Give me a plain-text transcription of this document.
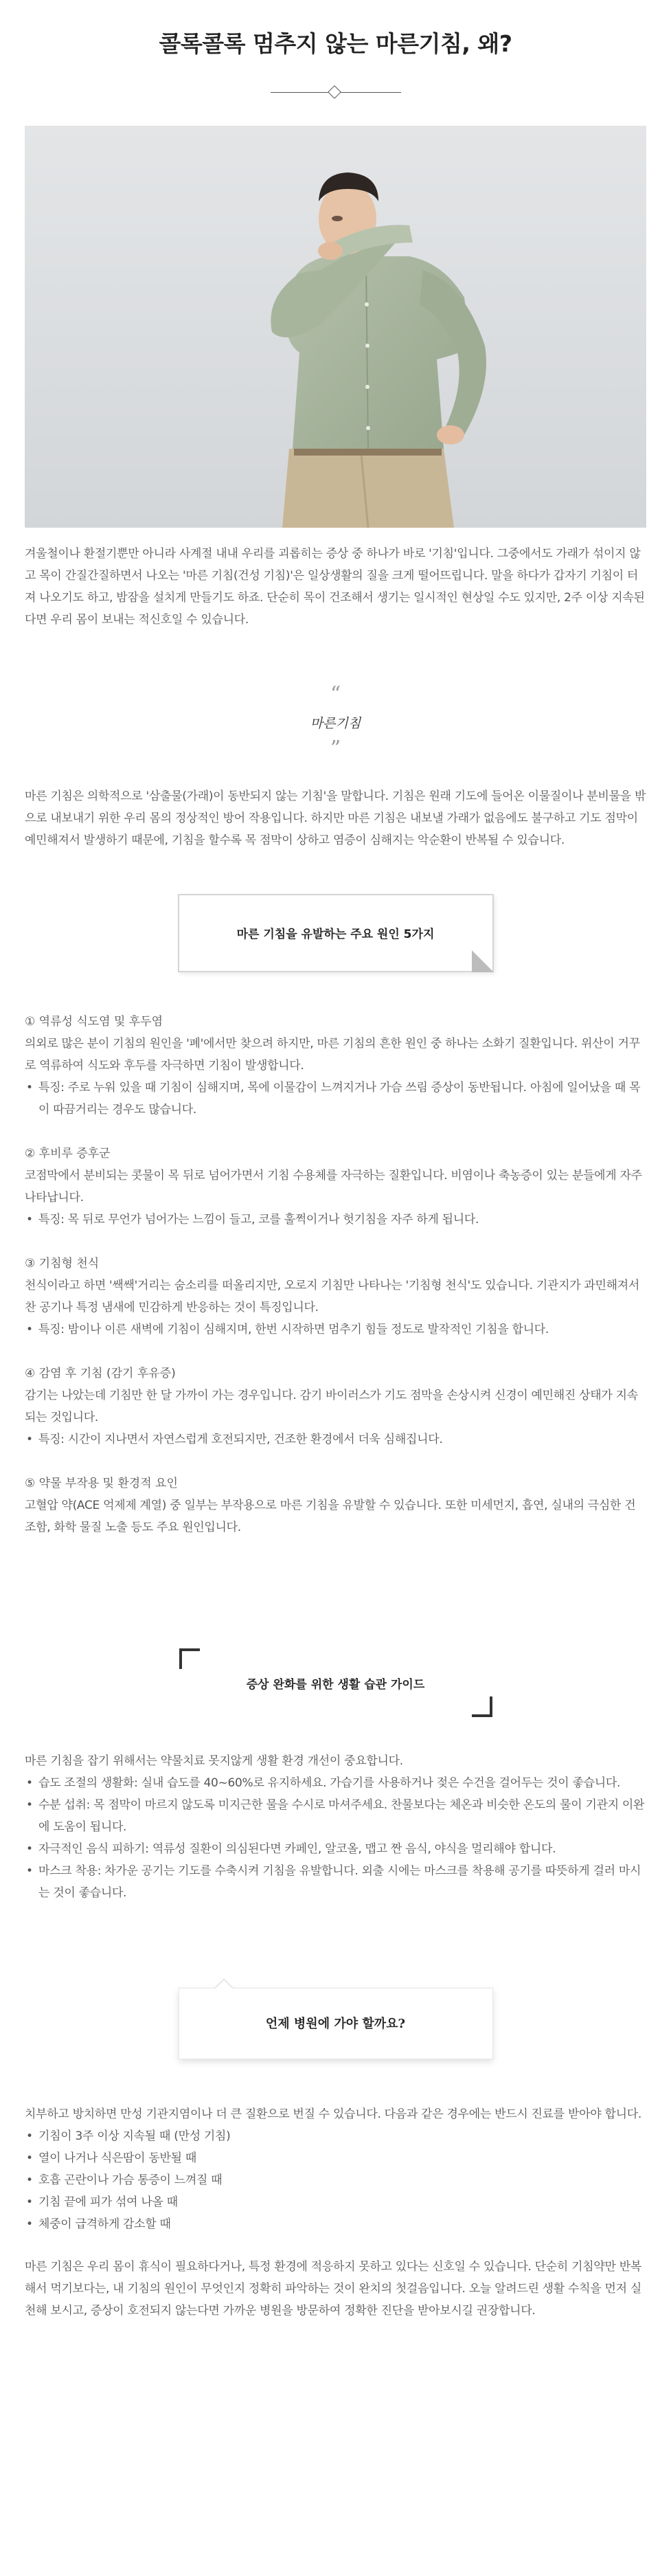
콜록콜록 멈추지 않는 마른기침, 왜?

겨울철이나 환절기뿐만 아니라 사계절 내내 우리를 괴롭히는 증상 중 하나가 바로 '기침'입니다. 그중에서도 가래가 섞이지 않고 목이 간질간질하면서 나오는 '마른 기침(건성 기침)'은 일상생활의 질을 크게 떨어뜨립니다. 말을 하다가 갑자기 기침이 터져 나오기도 하고, 밤잠을 설치게 만들기도 하죠. 단순히 목이 건조해서 생기는 일시적인 현상일 수도 있지만, 2주 이상 지속된다면 우리 몸이 보내는 적신호일 수 있습니다.

“
마른기침
”

마른 기침은 의학적으로 '삼출물(가래)이 동반되지 않는 기침'을 말합니다. 기침은 원래 기도에 들어온 이물질이나 분비물을 밖으로 내보내기 위한 우리 몸의 정상적인 방어 작용입니다. 하지만 마른 기침은 내보낼 가래가 없음에도 불구하고 기도 점막이 예민해져서 발생하기 때문에, 기침을 할수록 목 점막이 상하고 염증이 심해지는 악순환이 반복될 수 있습니다.

마른 기침을 유발하는 주요 원인 5가지

① 역류성 식도염 및 후두염

의외로 많은 분이 기침의 원인을 '폐'에서만 찾으려 하지만, 마른 기침의 흔한 원인 중 하나는 소화기 질환입니다. 위산이 거꾸로 역류하여 식도와 후두를 자극하면 기침이 발생합니다.

• 특징: 주로 누워 있을 때 기침이 심해지며, 목에 이물감이 느껴지거나 가슴 쓰림 증상이 동반됩니다. 아침에 일어났을 때 목이 따끔거리는 경우도 많습니다.

② 후비루 증후군

코점막에서 분비되는 콧물이 목 뒤로 넘어가면서 기침 수용체를 자극하는 질환입니다. 비염이나 축농증이 있는 분들에게 자주 나타납니다.

• 특징: 목 뒤로 무언가 넘어가는 느낌이 들고, 코를 훌쩍이거나 헛기침을 자주 하게 됩니다.

③ 기침형 천식

천식이라고 하면 '쌕쌕'거리는 숨소리를 떠올리지만, 오로지 기침만 나타나는 '기침형 천식'도 있습니다. 기관지가 과민해져서 찬 공기나 특정 냄새에 민감하게 반응하는 것이 특징입니다.

• 특징: 밤이나 이른 새벽에 기침이 심해지며, 한번 시작하면 멈추기 힘들 정도로 발작적인 기침을 합니다.

④ 감염 후 기침 (감기 후유증)

감기는 나았는데 기침만 한 달 가까이 가는 경우입니다. 감기 바이러스가 기도 점막을 손상시켜 신경이 예민해진 상태가 지속되는 것입니다.

• 특징: 시간이 지나면서 자연스럽게 호전되지만, 건조한 환경에서 더욱 심해집니다.

⑤ 약물 부작용 및 환경적 요인

고혈압 약(ACE 억제제 계열) 중 일부는 부작용으로 마른 기침을 유발할 수 있습니다. 또한 미세먼지, 흡연, 실내의 극심한 건조함, 화학 물질 노출 등도 주요 원인입니다.

증상 완화를 위한 생활 습관 가이드

마른 기침을 잡기 위해서는 약물치료 못지않게 생활 환경 개선이 중요합니다.

• 습도 조절의 생활화: 실내 습도를 40~60%로 유지하세요. 가습기를 사용하거나 젖은 수건을 걸어두는 것이 좋습니다.

• 수분 섭취: 목 점막이 마르지 않도록 미지근한 물을 수시로 마셔주세요. 찬물보다는 체온과 비슷한 온도의 물이 기관지 이완에 도움이 됩니다.

• 자극적인 음식 피하기: 역류성 질환이 의심된다면 카페인, 알코올, 맵고 짠 음식, 야식을 멀리해야 합니다.

• 마스크 착용: 차가운 공기는 기도를 수축시켜 기침을 유발합니다. 외출 시에는 마스크를 착용해 공기를 따뜻하게 걸러 마시는 것이 좋습니다.

언제 병원에 가야 할까요?

치부하고 방치하면 만성 기관지염이나 더 큰 질환으로 번질 수 있습니다. 다음과 같은 경우에는 반드시 진료를 받아야 합니다.

• 기침이 3주 이상 지속될 때 (만성 기침)

• 열이 나거나 식은땀이 동반될 때

• 호흡 곤란이나 가슴 통증이 느껴질 때

• 기침 끝에 피가 섞여 나올 때

• 체중이 급격하게 감소할 때

마른 기침은 우리 몸이 휴식이 필요하다거나, 특정 환경에 적응하지 못하고 있다는 신호일 수 있습니다. 단순히 기침약만 반복해서 먹기보다는, 내 기침의 원인이 무엇인지 정확히 파악하는 것이 완치의 첫걸음입니다. 오늘 알려드린 생활 수칙을 먼저 실천해 보시고, 증상이 호전되지 않는다면 가까운 병원을 방문하여 정확한 진단을 받아보시길 권장합니다.
